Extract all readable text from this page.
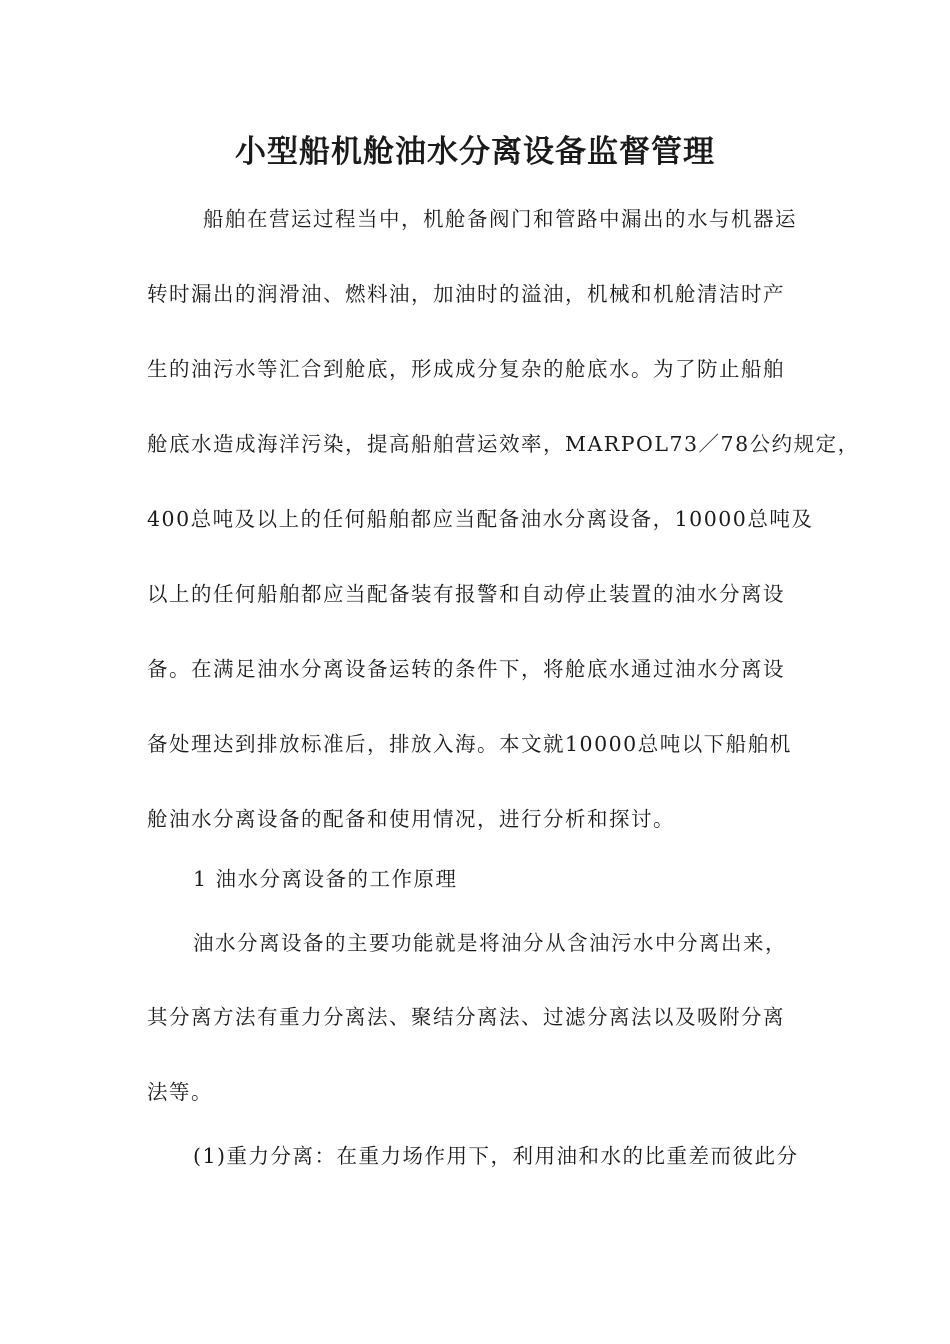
小型船机舱油水分离设备监督管理
船舶在营运过程当中，机舱备阀门和管路中漏出的水与机器运
转时漏出的润滑油、燃料油，加油时的溢油，机械和机舱清洁时产
生的油污水等汇合到舱底，形成成分复杂的舱底水。为了防止船舶
舱底水造成海洋污染，提高船舶营运效率，MARPOL73／78公约规定，
400总吨及以上的任何船舶都应当配备油水分离设备，10000总吨及
以上的任何船舶都应当配备装有报警和自动停止装置的油水分离设
备。在满足油水分离设备运转的条件下，将舱底水通过油水分离设
备处理达到排放标准后，排放入海。本文就10000总吨以下船舶机
舱油水分离设备的配备和使用情况，进行分析和探讨。
1 油水分离设备的工作原理
油水分离设备的主要功能就是将油分从含油污水中分离出来，
其分离方法有重力分离法、聚结分离法、过滤分离法以及吸附分离
法等。
(1)重力分离：在重力场作用下，利用油和水的比重差而彼此分
